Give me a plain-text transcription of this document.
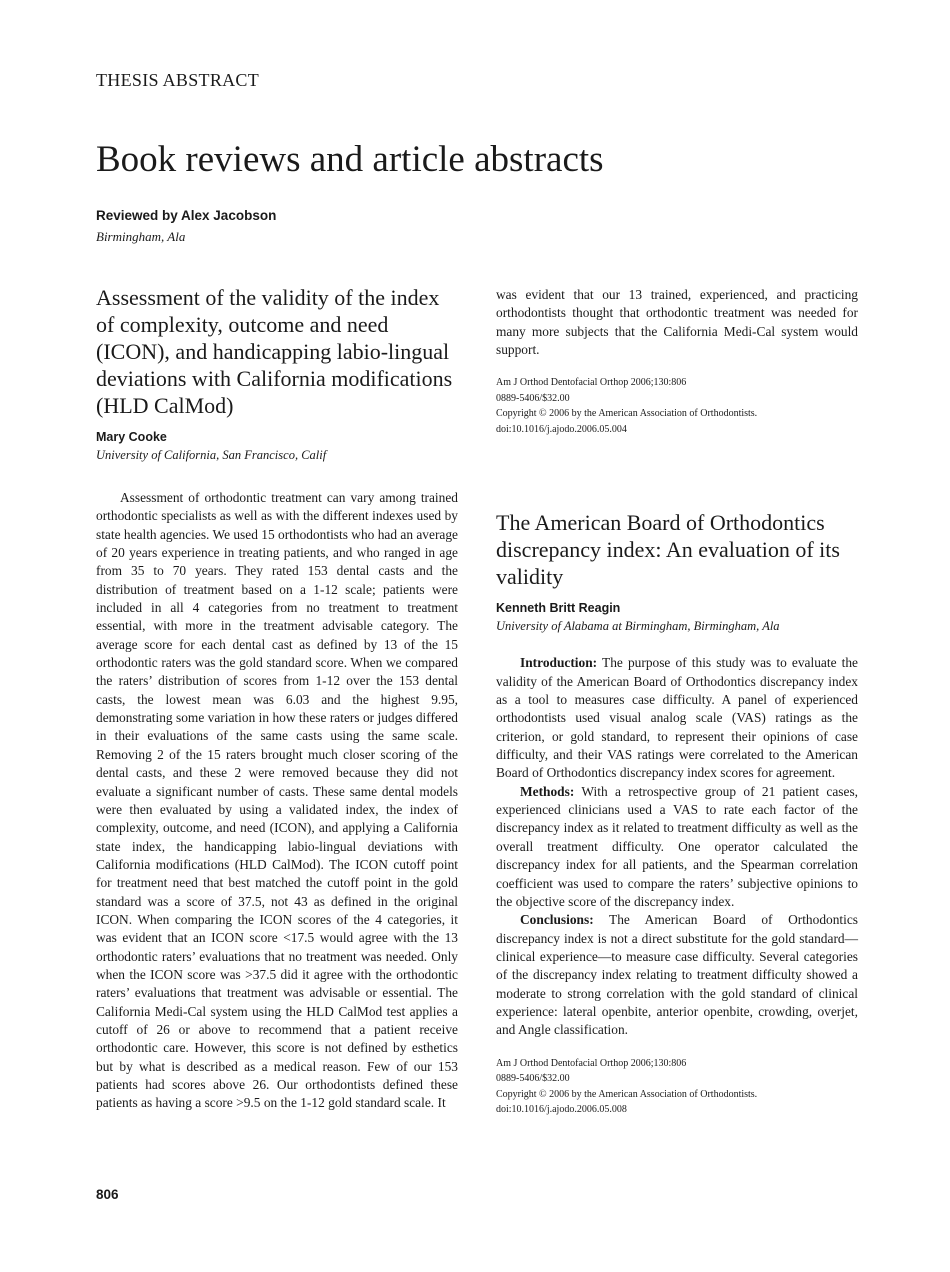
THESIS ABSTRACT
Book reviews and article abstracts
Reviewed by Alex Jacobson
Birmingham, Ala
Assessment of the validity of the index of complexity, outcome and need (ICON), and handicapping labio-lingual deviations with California modifications (HLD CalMod)
Mary Cooke
University of California, San Francisco, Calif

Assessment of orthodontic treatment can vary among trained orthodontic specialists as well as with the different indexes used by state health agencies. We used 15 orthodontists who had an average of 20 years experience in treating patients, and who ranged in age from 35 to 70 years. They rated 153 dental casts and the distribution of treatment based on a 1-12 scale; patients were included in all 4 categories from no treatment to treatment essential, with more in the treatment advisable category. The average score for each dental cast as defined by 13 of the 15 orthodontic raters was the gold standard score. When we compared the raters’ distribution of scores from 1-12 over the 153 dental casts, the lowest mean was 6.03 and the highest 9.95, demonstrating some variation in how these raters or judges differed in their evaluations of the same casts using the same scale. Removing 2 of the 15 raters brought much closer scoring of the dental casts, and these 2 were removed because they did not evaluate a significant number of casts. These same dental models were then evaluated by using a validated index, the index of complexity, outcome, and need (ICON), and applying a California state index, the handicapping labio-lingual deviations with California modifications (HLD CalMod). The ICON cutoff point for treatment need that best matched the cutoff point in the gold standard was a score of 37.5, not 43 as defined in the original ICON. When comparing the ICON scores of the 4 categories, it was evident that an ICON score <17.5 would agree with the 13 orthodontic raters’ evaluations that no treatment was needed. Only when the ICON score was >37.5 did it agree with the orthodontic raters’ evaluations that treatment was advisable or essential. The California Medi-Cal system using the HLD CalMod test applies a cutoff of 26 or above to recommend that a patient receive orthodontic care. However, this score is not defined by esthetics but by what is described as a medical reason. Few of our 153 patients had scores above 26. Our orthodontists defined these patients as having a score >9.5 on the 1-12 gold standard scale. It

was evident that our 13 trained, experienced, and practicing orthodontists thought that orthodontic treatment was needed for many more subjects that the California Medi-Cal system would support.

Am J Orthod Dentofacial Orthop 2006;130:806
0889-5406/$32.00
Copyright © 2006 by the American Association of Orthodontists.
doi:10.1016/j.ajodo.2006.05.004
The American Board of Orthodontics discrepancy index: An evaluation of its validity
Kenneth Britt Reagin
University of Alabama at Birmingham, Birmingham, Ala

Introduction: The purpose of this study was to evaluate the validity of the American Board of Orthodontics discrepancy index as a tool to measures case difficulty. A panel of experienced orthodontists used visual analog scale (VAS) ratings as the criterion, or gold standard, to represent their opinions of case difficulty, and their VAS ratings were correlated to the American Board of Orthodontics discrepancy index scores for agreement.

Methods: With a retrospective group of 21 patient cases, experienced clinicians used a VAS to rate each factor of the discrepancy index as it related to treatment difficulty as well as the overall treatment difficulty. One operator calculated the discrepancy index for all patients, and the Spearman correlation coefficient was used to compare the raters’ subjective opinions to the objective score of the discrepancy index.

Conclusions: The American Board of Orthodontics discrepancy index is not a direct substitute for the gold standard—clinical experience—to measure case difficulty. Several categories of the discrepancy index relating to treatment difficulty showed a moderate to strong correlation with the gold standard of clinical experience: lateral openbite, anterior openbite, crowding, overjet, and Angle classification.

Am J Orthod Dentofacial Orthop 2006;130:806
0889-5406/$32.00
Copyright © 2006 by the American Association of Orthodontists.
doi:10.1016/j.ajodo.2006.05.008
806
